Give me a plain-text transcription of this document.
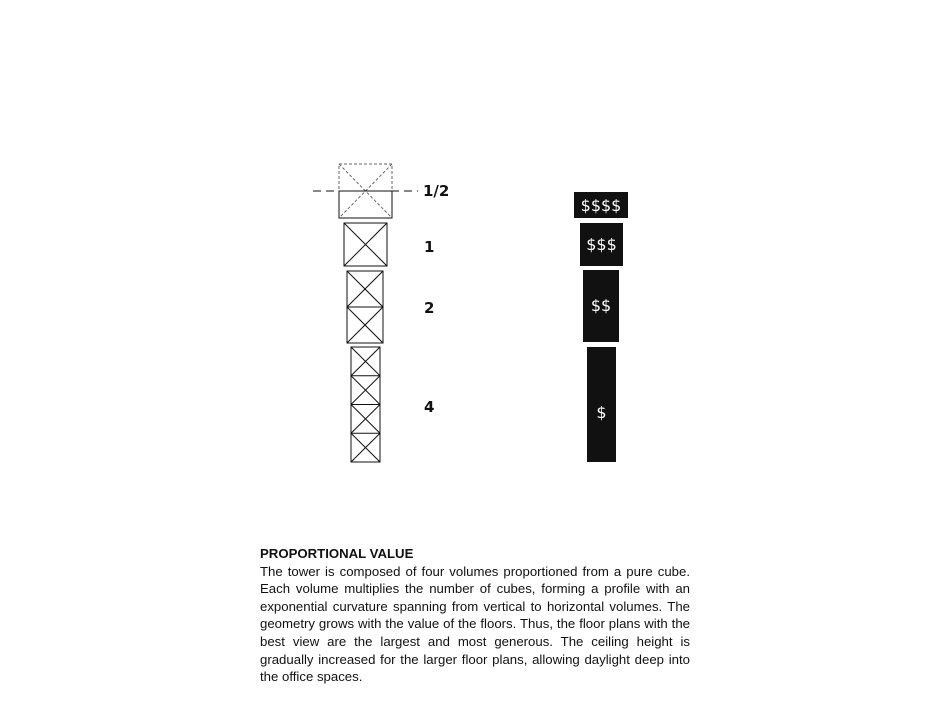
1/2
1
2
4
$$$$
$$$
$$
$
PROPORTIONAL VALUE

The tower is composed of four volumes proportioned from a pure cube. Each volume multiplies the number of cubes, forming a profile with an exponential curvature spanning from vertical to horizontal volumes. The geometry grows with the value of the floors. Thus, the floor plans with the best view are the largest and most generous. The ceiling height is gradually increased for the larger floor plans, allowing daylight deep into the office spaces.
